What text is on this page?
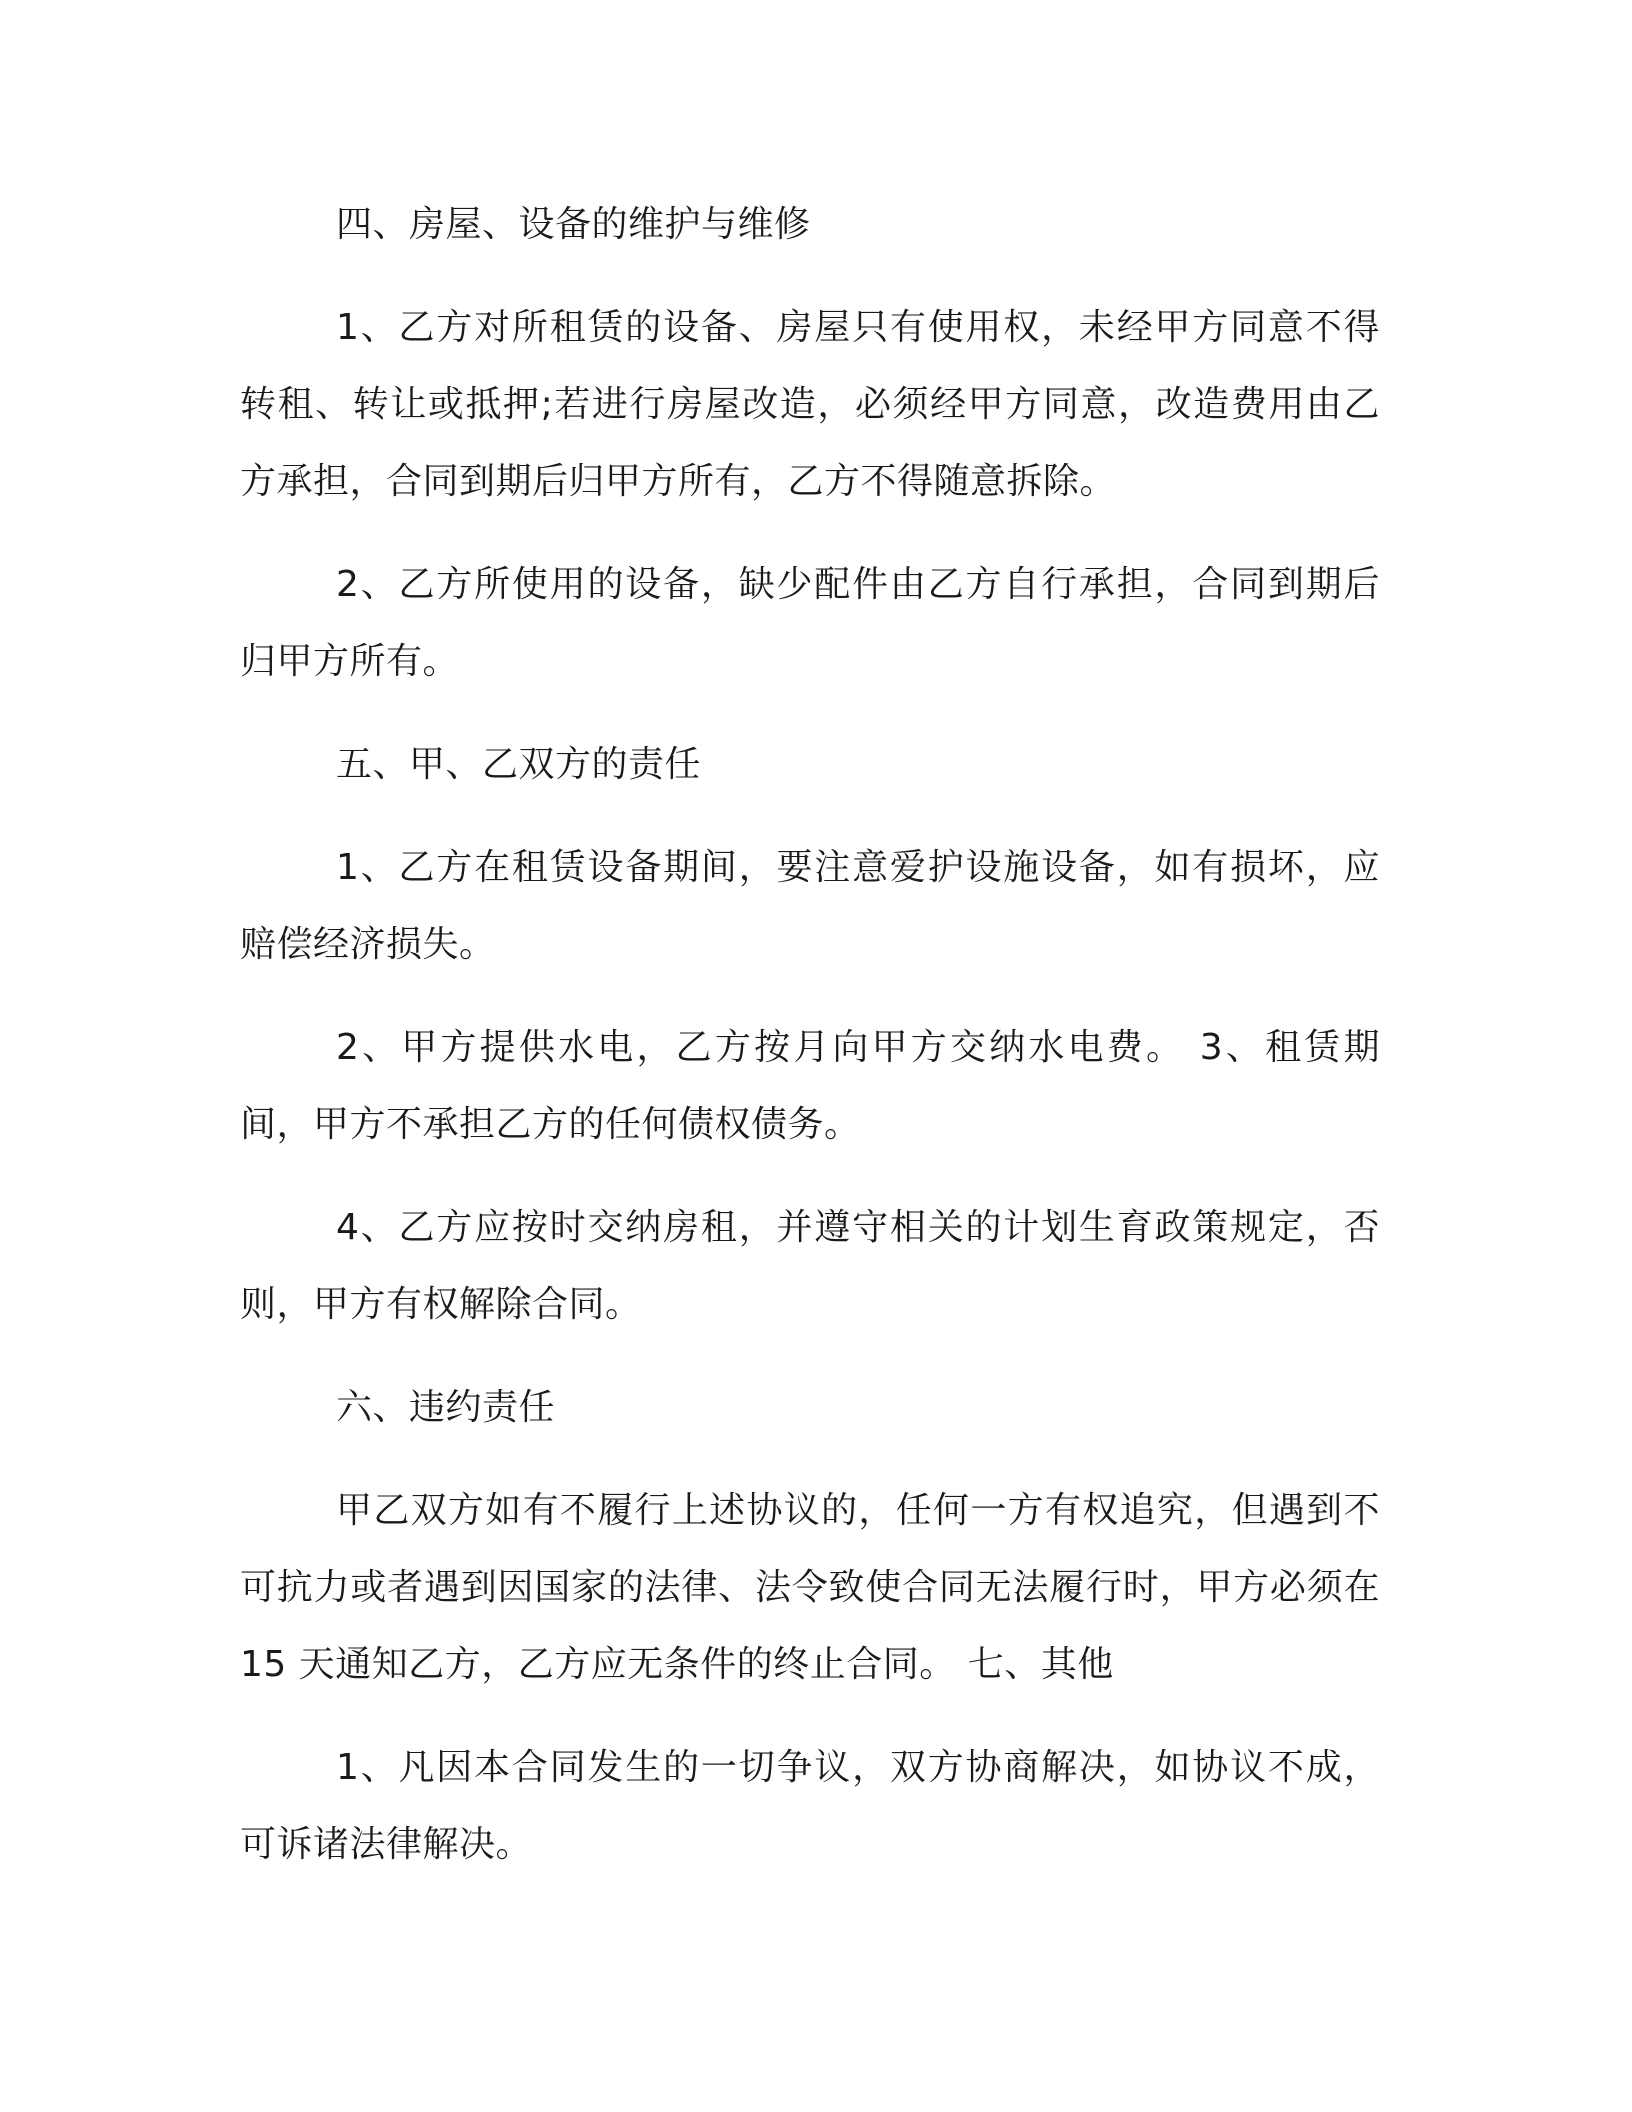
四、房屋、设备的维护与维修

1、乙方对所租赁的设备、房屋只有使用权，未经甲方同意不得转租、转让或抵押;若进行房屋改造，必须经甲方同意，改造费用由乙方承担，合同到期后归甲方所有，乙方不得随意拆除。

2、乙方所使用的设备，缺少配件由乙方自行承担，合同到期后归甲方所有。

五、甲、乙双方的责任

1、乙方在租赁设备期间，要注意爱护设施设备，如有损坏，应赔偿经济损失。

2、甲方提供水电，乙方按月向甲方交纳水电费。 3、租赁期间，甲方不承担乙方的任何债权债务。

4、乙方应按时交纳房租，并遵守相关的计划生育政策规定，否则，甲方有权解除合同。

六、违约责任

甲乙双方如有不履行上述协议的，任何一方有权追究，但遇到不可抗力或者遇到因国家的法律、法令致使合同无法履行时，甲方必须在 15 天通知乙方，乙方应无条件的终止合同。 七、其他

1、凡因本合同发生的一切争议，双方协商解决，如协议不成，可诉诸法律解决。
